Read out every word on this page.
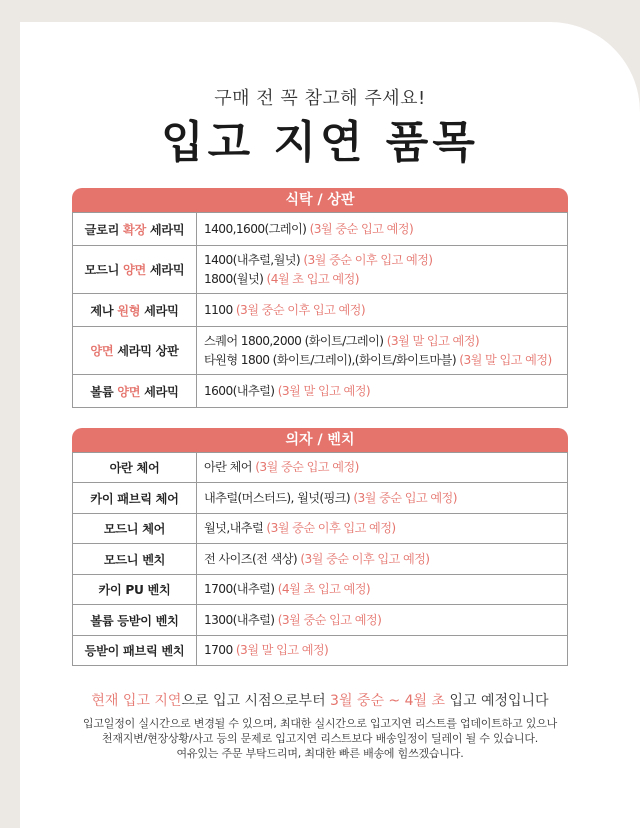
구매 전 꼭 참고해 주세요!
입고 지연 품목
식탁 / 상판
글로리 확장 세라믹	1400,1600(그레이) (3월 중순 입고 예정)

모드니 양면 세라믹	1400(내추럴,월넛) (3월 중순 이후 입고 예정)
1800(월넛) (4월 초 입고 예정)

제나 원형 세라믹	1100 (3월 중순 이후 입고 예정)

양면 세라믹 상판	스퀘어 1800,2000 (화이트/그레이) (3월 말 입고 예정)
타원형 1800 (화이트/그레이),(화이트/화이트마블) (3월 말 입고 예정)

볼륨 양면 세라믹	1600(내추럴) (3월 말 입고 예정)
의자 / 벤치
아란 체어	아란 체어 (3월 중순 입고 예정)
카이 패브릭 체어	내추럴(머스터드), 월넛(핑크) (3월 중순 입고 예정)
모드니 체어	월넛,내추럴 (3월 중순 이후 입고 예정)
모드니 벤치	전 사이즈(전 색상) (3월 중순 이후 입고 예정)
카이 PU 벤치	1700(내추럴) (4월 초 입고 예정)
볼륨 등받이 벤치	1300(내추럴) (3월 중순 입고 예정)
등받이 패브릭 벤치	1700 (3월 말 입고 예정)
현재 입고 지연으로 입고 시점으로부터 3월 중순 ~ 4월 초 입고 예정입니다
입고일정이 실시간으로 변경될 수 있으며, 최대한 실시간으로 입고지연 리스트를 업데이트하고 있으나
천재지변/현장상황/사고 등의 문제로 입고지연 리스트보다 배송일정이 딜레이 될 수 있습니다.
여유있는 주문 부탁드리며, 최대한 빠른 배송에 힘쓰겠습니다.
